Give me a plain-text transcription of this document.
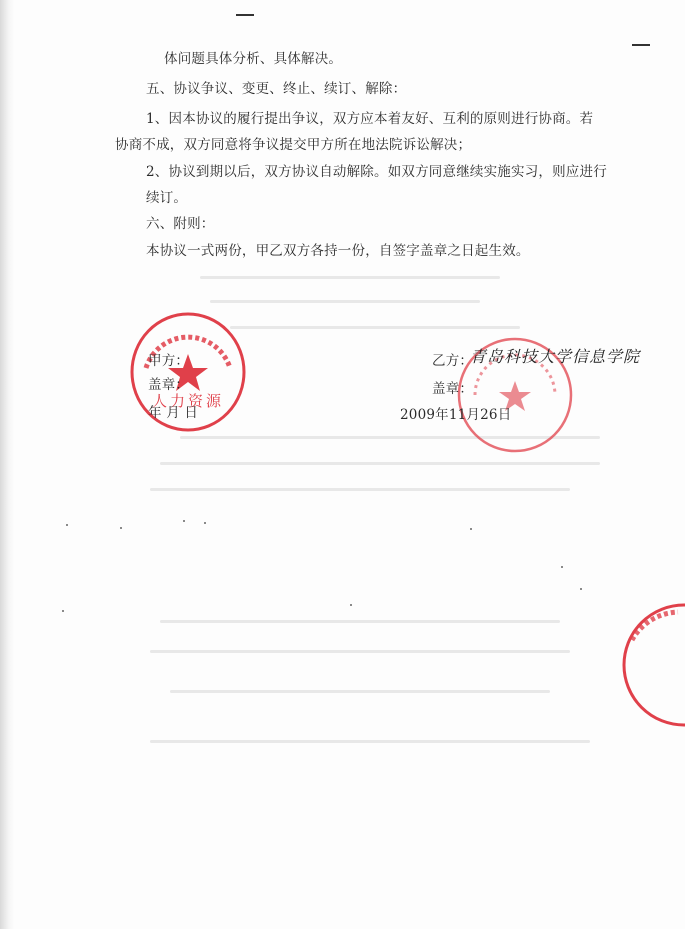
体问题具体分析、具体解决。
五、协议争议、变更、终止、续订、解除：
1、因本协议的履行提出争议，双方应本着友好、互利的原则进行协商。若
协商不成，双方同意将争议提交甲方所在地法院诉讼解决；
2、协议到期以后，双方协议自动解除。如双方同意继续实施实习，则应进行
续订。
六、附则：
本协议一式两份，甲乙双方各持一份，自签字盖章之日起生效。
人力资源
甲方：
盖章：
年 月 日
乙方：
青岛科技大学信息学院
盖章：
2009年11月26日
